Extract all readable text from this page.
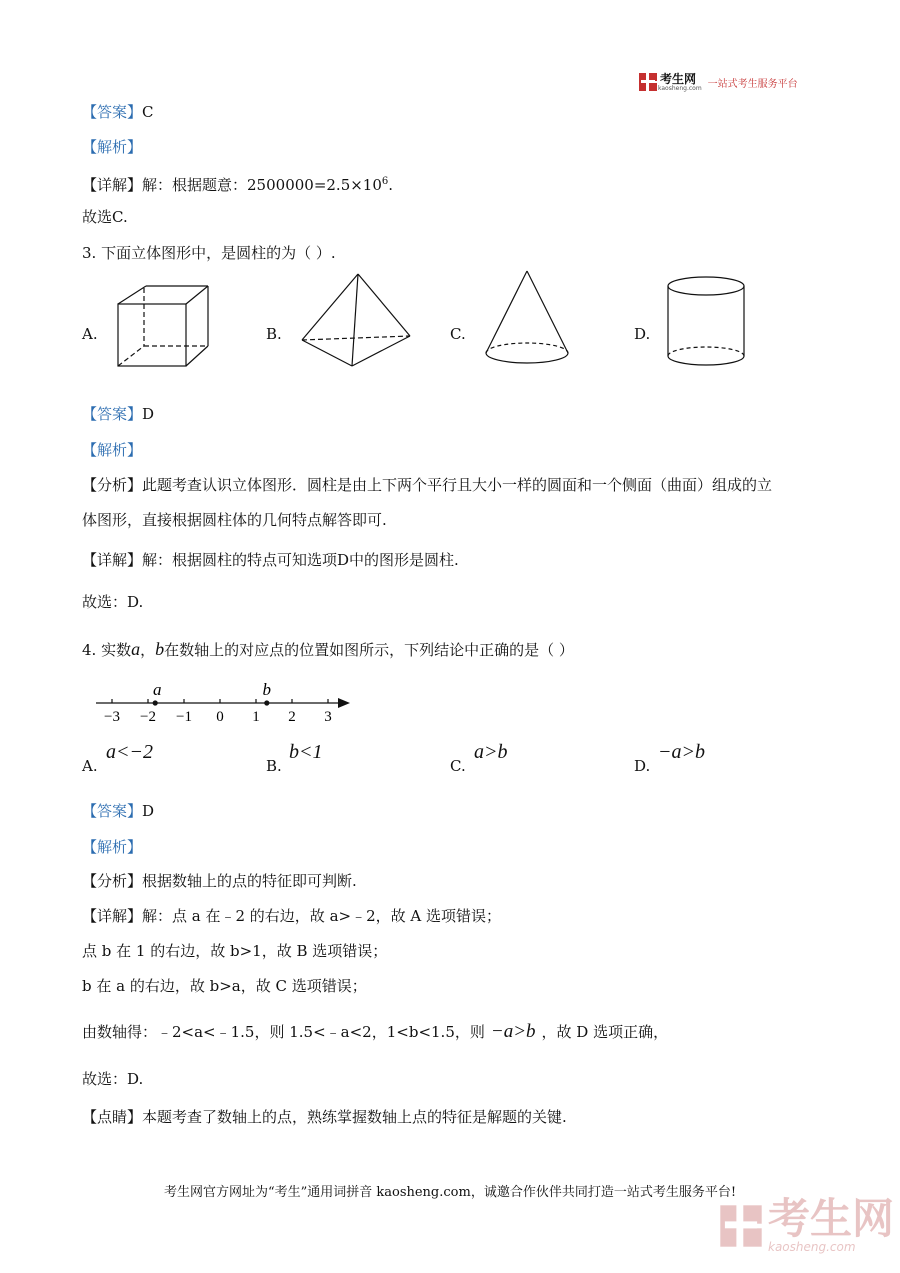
考生网
kaosheng.com 一站式考生服务平台
【答案】C
【解析】
【详解】解：根据题意：$2500000=2.5\times 10^6$.
故选C.
3. 下面立体图形中，是圆柱的为（ ）.
A.	B.	C.	D.
【答案】D
【解析】
【分析】此题考查认识立体图形．圆柱是由上下两个平行且大小一样的圆面和一个侧面（曲面）组成的立
体图形，直接根据圆柱体的几何特点解答即可.
【详解】解：根据圆柱的特点可知选项D中的图形是圆柱.
故选：D.
4. 实数a，b在数轴上的对应点的位置如图所示，下列结论中正确的是（ ）
−3 −2 −1 0 1 2 3
a	b
A.
a<−2
B.
b<1
C.
a>b
D.
−a>b
【答案】D
【解析】
【分析】根据数轴上的点的特征即可判断.
【详解】解：点 a 在﹣2 的右边，故 a>﹣2，故 A 选项错误；
点 b 在 1 的右边，故 b>1，故 B 选项错误；
b 在 a 的右边，故 b>a，故 C 选项错误；
由数轴得：﹣2<a<﹣1.5，则 1.5<﹣a<2，1<b<1.5，则 −a>b ，故 D 选项正确，
故选：D.
【点睛】本题考查了数轴上的点，熟练掌握数轴上点的特征是解题的关键.
考生网官方网址为“考生”通用词拼音 kaosheng.com，诚邀合作伙伴共同打造一站式考生服务平台!
考生网
kaosheng.com
